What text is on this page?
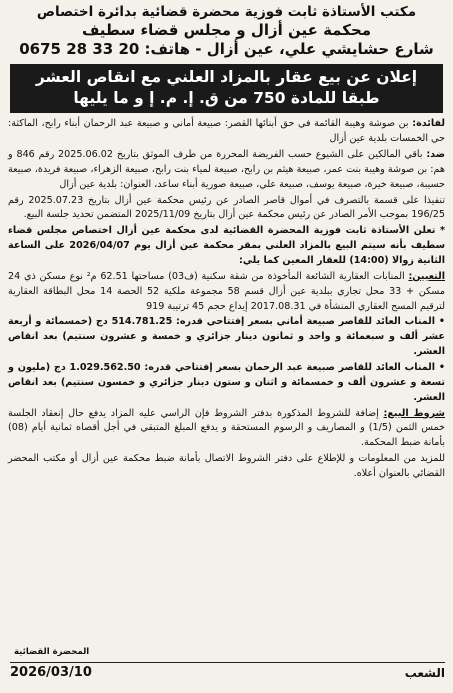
مكتب الأستاذة ثابت فوزية محضرة قضائية بدائرة اختصاص
محكمة عين أزال و مجلس قضاء سطيف
شارع حشايشي علي، عين أزال - هاتف: 20 33 28 0675
إعلان عن بيع عقار بالمزاد العلني مع انقاص العشر
طبقا للمادة 750 من ق. إ. م. إ و ما يليها

لفائدة: بن صوشة وهيبة القائمة في حق أبنائها القصر: صبيعة أماني و صبيعة عبد الرحمان أبناء رابح، الماكثة: حي الخمسات بلدية عين أزال

ضد: باقي المالكين على الشيوع حسب الفريضة المحررة من طرف الموثق بتاريخ 2025.06.02 رقم 846 و هم: بن صوشة وهيبة بنت عمر، صبيعة هيثم بن رابح، صبيعة لمياء بنت رابح، صبيعة الزهراء، صبيعة فريدة، صبيعة حسيبة، صبيعة خيرة، صبيعة يوسف، صبيعة علي، صبيعة صورية أبناء ساعد، العنوان: بلدية عين أزال

تنفيذا على قسمة بالتصرف في أموال قاصر الصادر عن رئيس محكمة عين أزال بتاريخ 2025.07.23 رقم 196/25 بموجب الأمر الصادر عن رئيس محكمة عين أزال بتاريخ 2025/11/09 المتضمن تحديد جلسة البيع.

* تعلن الأستاذة ثابت فوزية المحضرة القضائية لدى محكمة عين أزال اختصاص مجلس قضاء سطيف بأنه سيتم البيع بالمزاد العلني بمقر محكمة عين أزال يوم 2026/04/07 على الساعة الثانية زوالا (14:00) للعقار المعين كما يلي:

التعيين: المنابات العقارية الشائعة المأخوذة من شقة سكنية (ف03) مساحتها 62.51 م² نوع مسكن ذي 24 مسكن + 33 محل تجاري ببلدية عين أزال قسم 58 مجموعة ملكية 52 الحصة 14 محل البطاقة العقارية لترقيم المسح العقاري المنشأة في 2017.08.31 إيداع حجم 45 ترتيبة 919

• المناب العائد للقاصر صبيعة أماني بسعر إفتتاحي قدره: 514.781.25 دج (خمسمائة و أربعة عشر ألف و سبعمائة و واحد و ثمانون دينار جزائري و خمسة و عشرون سنتيم) بعد انقاص العشر.

• المناب العائد للقاصر صبيعة عبد الرحمان بسعر إفتتاحي قدره: 1.029.562.50 دج (مليون و تسعة و عشرون ألف و خمسمائة و اثنان و ستون دينار جزائري و خمسون سنتيم) بعد انقاص العشر.

شروط البيع: إضافة للشروط المذكورة بدفتر الشروط فإن الراسي عليه المزاد يدفع حال إنعقاد الجلسة خمس الثمن (1/5) و المصاريف و الرسوم المستحقة و يدفع المبلغ المتبقي في أجل أقصاه ثمانية أيام (08) بأمانة ضبط المحكمة.

للمزيد من المعلومات و للإطلاع على دفتر الشروط الاتصال بأمانة ضبط محكمة عين أزال أو مكتب المحضر القضائي بالعنوان أعلاه.

المحضرة القضائية
الشعب
2026/03/10
